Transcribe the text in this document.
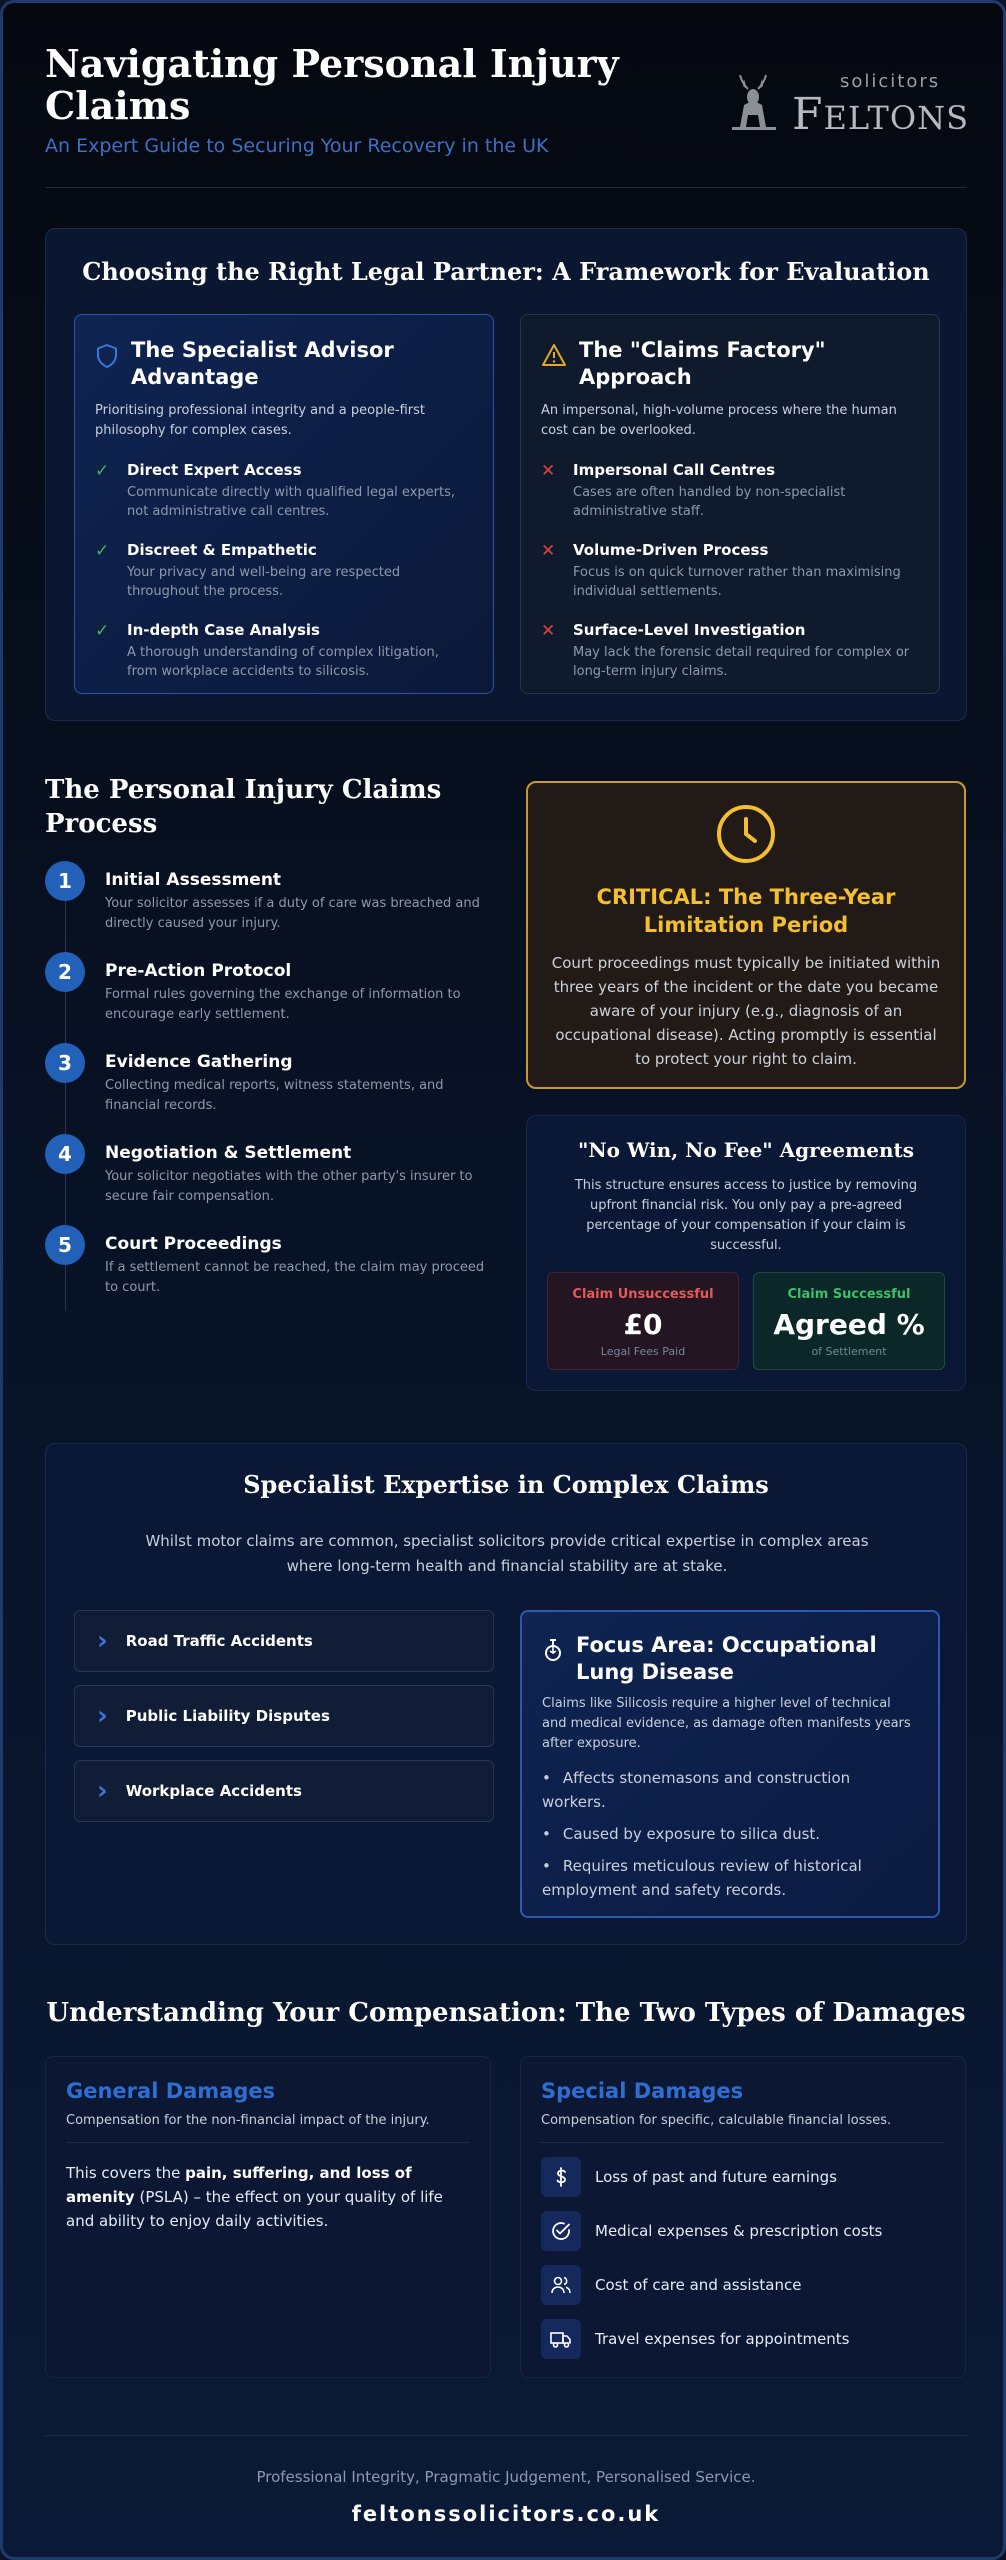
Navigating Personal Injury Claims
An Expert Guide to Securing Your Recovery in the UK
solicitors
FELTONS
Choosing the Right Legal Partner: A Framework for Evaluation
The Specialist Advisor Advantage
Prioritising professional integrity and a people-first philosophy for complex cases.
✓	Direct Expert Access

Communicate directly with qualified legal experts, not administrative call centres.

✓	Discreet & Empathetic

Your privacy and well-being are respected throughout the process.

✓	In-depth Case Analysis

A thorough understanding of complex litigation, from workplace accidents to silicosis.

The "Claims Factory" Approach
An impersonal, high-volume process where the human cost can be overlooked.
✕	Impersonal Call Centres

Cases are often handled by non-specialist administrative staff.

✕	Volume-Driven Process

Focus is on quick turnover rather than maximising individual settlements.

✕	Surface-Level Investigation

May lack the forensic detail required for complex or long-term injury claims.

The Personal Injury Claims Process
1	Initial Assessment

Your solicitor assesses if a duty of care was breached and directly caused your injury.

2	Pre-Action Protocol

Formal rules governing the exchange of information to encourage early settlement.

3	Evidence Gathering

Collecting medical reports, witness statements, and financial records.

4	Negotiation & Settlement

Your solicitor negotiates with the other party's insurer to secure fair compensation.

5	Court Proceedings

If a settlement cannot be reached, the claim may proceed to court.

CRITICAL: The Three-Year Limitation Period

Court proceedings must typically be initiated within three years of the incident or the date you became aware of your injury (e.g., diagnosis of an occupational disease). Acting promptly is essential to protect your right to claim.

"No Win, No Fee" Agreements

This structure ensures access to justice by removing upfront financial risk. You only pay a pre-agreed percentage of your compensation if your claim is successful.

Claim Unsuccessful
£0
Legal Fees Paid
Claim Successful
Agreed %
of Settlement
Specialist Expertise in Complex Claims
Whilst motor claims are common, specialist solicitors provide critical expertise in complex areas where long-term health and financial stability are at stake.
› Road Traffic Accidents
› Public Liability Disputes
› Workplace Accidents
Focus Area: Occupational Lung Disease
Claims like Silicosis require a higher level of technical and medical evidence, as damage often manifests years after exposure.
• Affects stonemasons and construction workers.
• Caused by exposure to silica dust.
• Requires meticulous review of historical employment and safety records.
Understanding Your Compensation: The Two Types of Damages
General Damages
Compensation for the non-financial impact of the injury.
This covers the pain, suffering, and loss of amenity (PSLA) – the effect on your quality of life and ability to enjoy daily activities.
Special Damages
Compensation for specific, calculable financial losses.
Loss of past and future earnings
Medical expenses & prescription costs
Cost of care and assistance
Travel expenses for appointments
Professional Integrity, Pragmatic Judgement, Personalised Service.
feltonssolicitors.co.uk
